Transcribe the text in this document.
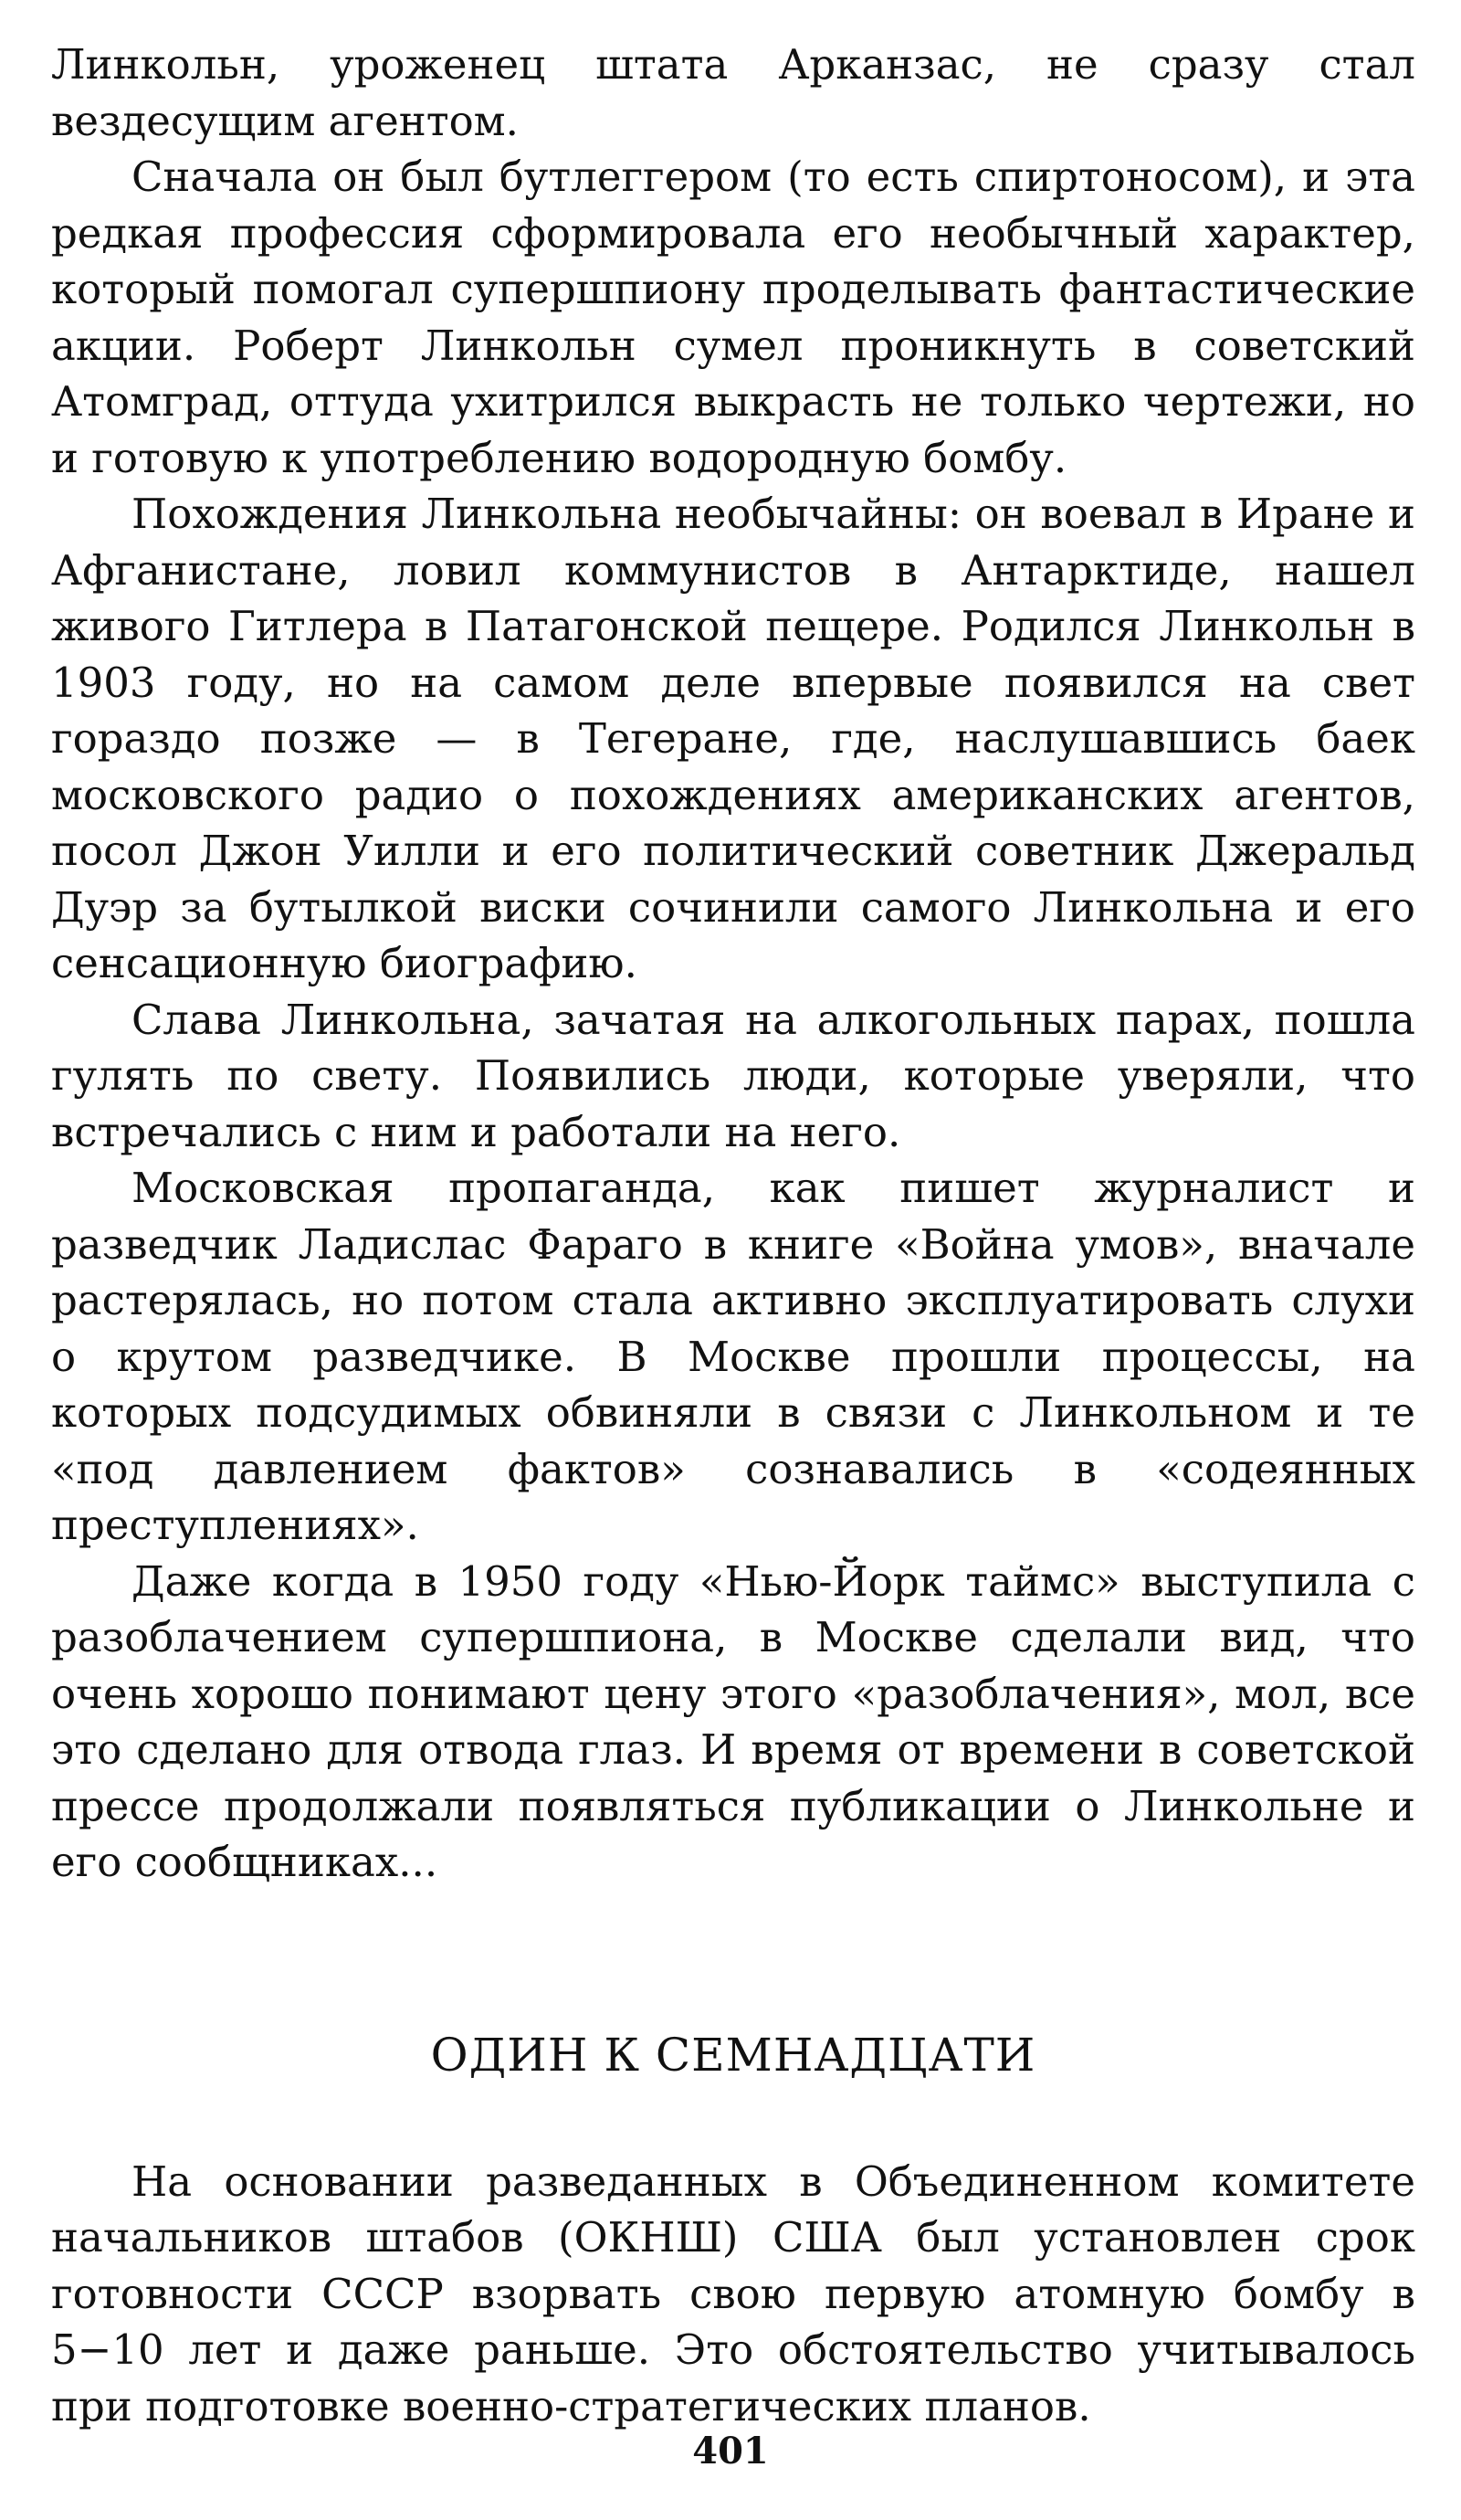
Линкольн, уроженец штата Арканзас, не сразу стал вездесущим агентом.

Сначала он был бутлеггером (то есть спиртоносом), и эта редкая профессия сформировала его необычный характер, который помогал супершпиону проделывать фантастические акции. Роберт Линкольн сумел проникнуть в советский Атомград, оттуда ухитрился выкрасть не только чертежи, но и готовую к употреблению водородную бомбу.

Похождения Линкольна необычайны: он воевал в Иране и Афганистане, ловил коммунистов в Антарктиде, нашел живого Гитлера в Патагонской пещере. Родился Линкольн в 1903 году, но на самом деле впервые появился на свет гораздо позже — в Тегеране, где, наслушавшись баек московского радио о похождениях американских агентов, посол Джон Уилли и его политический советник Джеральд Дуэр за бутылкой виски сочинили самого Линкольна и его сенсационную биографию.

Слава Линкольна, зачатая на алкогольных парах, пошла гулять по свету. Появились люди, которые уверяли, что встречались с ним и работали на него.

Московская пропаганда, как пишет журналист и разведчик Ладислас Фараго в книге «Война умов», вначале растерялась, но потом стала активно эксплуатировать слухи о крутом разведчике. В Москве прошли процессы, на которых подсудимых обвиняли в связи с Линкольном и те «под давлением фактов» сознавались в «содеянных преступлениях».

Даже когда в 1950 году «Нью-Йорк таймс» выступила с разоблачением супершпиона, в Москве сделали вид, что очень хорошо понимают цену этого «разоблачения», мол, все это сделано для отвода глаз. И время от времени в советской прессе продолжали появляться публикации о Линкольне и его сообщниках...

ОДИН К СЕМНАДЦАТИ

На основании разведанных в Объединенном комитете начальников штабов (ОКНШ) США был установлен срок готовности СССР взорвать свою первую атомную бомбу в 5−10 лет и даже раньше. Это обстоятельство учитывалось при подготовке военно-стратегических планов.

401
